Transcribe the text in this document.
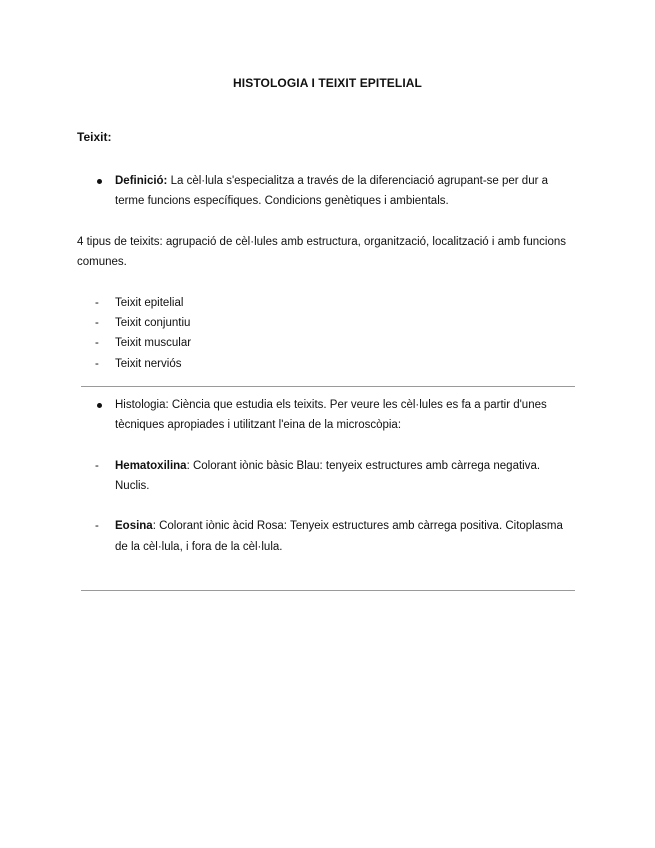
HISTOLOGIA I TEIXIT EPITELIAL
Teixit:
Definició: La cèl·lula s'especialitza a través de la diferenciació agrupant-se per dur a
terme funcions específiques. Condicions genètiques i ambientals.
4 tipus de teixits: agrupació de cèl·lules amb estructura, organització, localització i amb funcions
comunes.
- Teixit epitelial
- Teixit conjuntiu
- Teixit muscular
- Teixit nerviós
Histologia: Ciència que estudia els teixits. Per veure les cèl·lules es fa a partir d'unes
tècniques apropiades i utilitzant l'eina de la microscòpia:
- Hematoxilina: Colorant iònic bàsic Blau: tenyeix estructures amb càrrega negativa.
Nuclis.
- Eosina: Colorant iònic àcid Rosa: Tenyeix estructures amb càrrega positiva. Citoplasma
de la cèl·lula, i fora de la cèl·lula.
